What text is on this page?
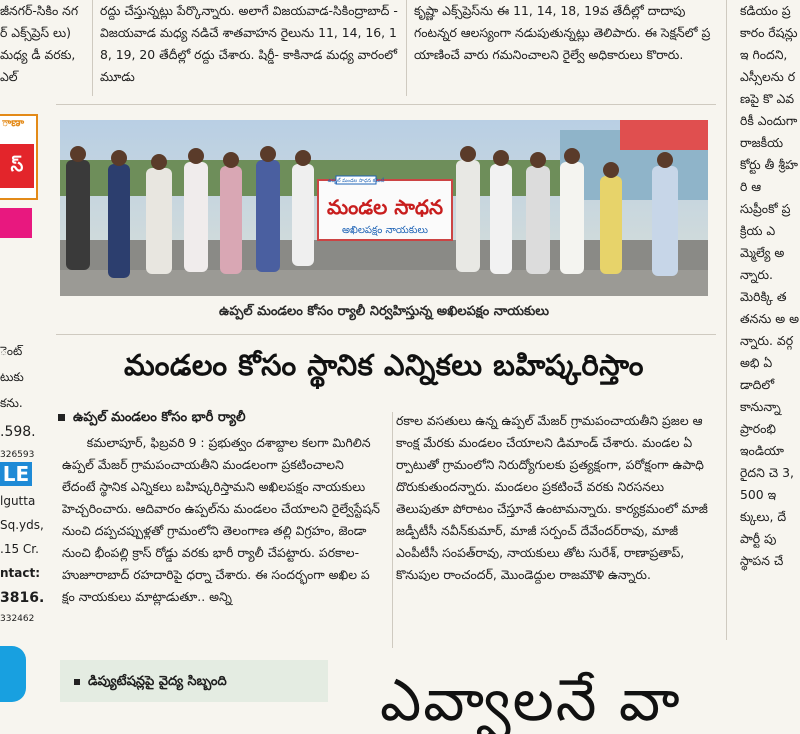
జీనగర్‌-సికిం నగర్‌ ఎక్స్‌ప్రెస్ ‌లు) మధ్య డీ వరకు, ఎల్
రద్దు చేస్తున్నట్లు పేర్కొన్నారు. అలాగే విజయవాడ-సికింద్రాబాద్‌ - విజయవాడ మధ్య నడిచే శాతవాహన రైలును 11, 14, 16, 18, 19, 20 తేదీల్లో రద్దు చేశారు. షిర్డీ- కాకినాడ మధ్య వారంలో మూడు
కృష్ణా ఎక్స్‌ప్రెస్‌ను ఈ 11, 14, 18, 19వ తేదీల్లో దాదాపు గంటన్నర ఆలస్యంగా నడుపుతున్నట్లు తెలిపారు. ఈ సెక్షన్‌లో ప్రయాణించే వారు గమనించాలని రైల్వే అధికారులు కొరారు.
కడియం ప్రకారం రేషన్లు ఇ గిందని, ఎస్సీలను రణపై కొ ఎవరికీ ఎందుగా రాజకీయ కోర్టు తీ శ్రీహరి ఆ సుప్రీంకో ప్రక్రియ ఎమ్మెల్యే అన్నారు. మెరిక్కి త తనను అ అన్నారు. వర్గ అభి ఏడాదిలో కానున్నా ప్రారంభి ఇండియా రైదని చె 3,500 ఇ క్కులు, దే పార్టీ పు స్థాపన చే
ాణా
స్
ెంట్
టుకు
కను.
.598.
326593
LE
lgutta
Sq.yds,
.15 Cr.
ntact:
3816.
332462
ఉప్పల్ మండల సాధన కమిటీ
మండల సాధన
అఖిలపక్షం నాయకులు
ఉప్పల్‌ మండలం కోసం ర్యాలీ నిర్వహిస్తున్న అఖిలపక్షం నాయకులు
మండలం కోసం స్థానిక ఎన్నికలు బహిష్కరిస్తాం
ఉప్పల్‌ మండలం కోసం భారీ ర్యాలీ
కమలాపూర్‌, ఫిబ్రవరి 9 : ప్రభుత్వం దశాబ్దాల కలగా మిగిలిన ఉప్పల్‌ మేజర్‌ గ్రామపంచాయతీని మండలంగా ప్రకటించాలని లేదంటే స్థానిక ఎన్నికలు బహిష్కరిస్తామని అఖిలపక్షం నాయకులు హెచ్చరించారు. ఆదివారం ఉప్పల్‌ను మండలం చేయాలని రైల్వేస్టేషన్‌ నుంచి దప్పచప్పుళ్లతో గ్రామంలోని తెలంగాణ తల్లి విగ్రహం, జెండా నుంచి భీంపల్లి క్రాస్‌ రోడ్డు వరకు భారీ ర్యాలీ చేపట్టారు. పరకాల-హుజూరాబాద్‌ రహదారిపై ధర్నా చేశారు. ఈ సందర్భంగా అఖిల పక్షం నాయకులు మాట్లాడుతూ.. అన్ని
రకాల వసతులు ఉన్న ఉప్పల్‌ మేజర్‌ గ్రామపంచాయతీని ప్రజల ఆకాంక్ష మేరకు మండలం చేయాలని డిమాండ్‌ చేశారు. మండల ఏర్పాటుతో గ్రామంలోని నిరుద్యోగులకు ప్రత్యక్షంగా, పరోక్షంగా ఉపాధి దొరుకుతుందన్నారు. మండలం ప్రకటించే వరకు నిరసనలు తెలుపుతూ పోరాటం చేస్తూనే ఉంటామన్నారు. కార్యక్రమంలో మాజీ జడ్పీటీసీ నవీన్‌కుమార్‌, మాజీ సర్పంచ్‌ దేవేందర్‌రావు, మాజీ ఎంపీటీసీ సంపత్‌రావు, నాయకులు తోట సురేశ్‌, రాణాప్రతాప్‌, కొనుపుల రాంచందర్‌, మొండెద్దుల రాజమౌళి ఉన్నారు.
డిప్యుటేషన్లపై వైద్య సిబ్బంది	ఎవ్వాలనే వా
